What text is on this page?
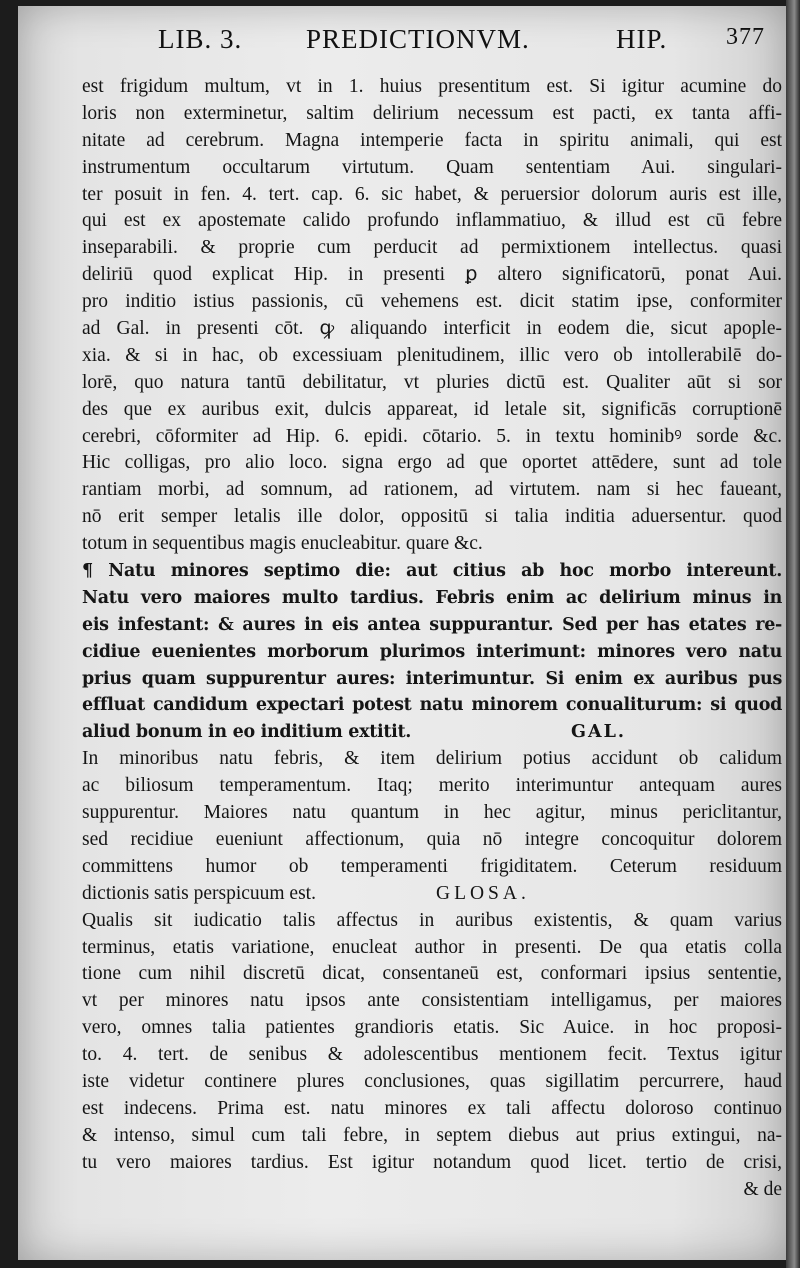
LIB. 3. PREDICTIONVM.	HIP. 377
est frigidum multum, vt in 1. huius presentitum est. Si igitur acumine do
loris non exterminetur, saltim delirium necessum est pacti, ex tanta affi-
nitate ad cerebrum. Magna intemperie facta in spiritu animali, qui est
instrumentum occultarum virtutum. Quam sententiam Aui. singulari-
ter posuit in fen. 4. tert. cap. 6. sic habet, & peruersior dolorum auris est ille,
qui est ex apostemate calido profundo inflammatiuo, & illud est cū febre
inseparabili. & proprie cum perducit ad permixtionem intellectus. quasi
deliriū quod explicat Hip. in presenti ꝑ altero significatorū, ponat Aui.
pro inditio istius passionis, cū vehemens est. dicit statim ipse, conformiter
ad Gal. in presenti cōt. ꝙ aliquando interficit in eodem die, sicut apople-
xia. & si in hac, ob excessiuam plenitudinem, illic vero ob intollerabilē do-
lorē, quo natura tantū debilitatur, vt pluries dictū est. Qualiter aūt si sor
des que ex auribus exit, dulcis appareat, id letale sit, significās corruptionē
cerebri, cōformiter ad Hip. 6. epidi. cōtario. 5. in textu hominibꝰ sorde &c.
Hic colligas, pro alio loco. signa ergo ad que oportet attēdere, sunt ad tole
rantiam morbi, ad somnum, ad rationem, ad virtutem. nam si hec faueant,
nō erit semper letalis ille dolor, oppositū si talia inditia aduersentur. quod
totum in sequentibus magis enucleabitur. quare &c.
¶ Natu minores septimo die: aut citius ab hoc morbo intereunt.
Natu vero maiores multo tardius. Febris enim ac delirium minus in
eis infestant: & aures in eis antea suppurantur. Sed per has etates re-
cidiue euenientes morborum plurimos interimunt: minores vero natu
prius quam suppurentur aures: interimuntur. Si enim ex auribus pus
effluat candidum expectari potest natu minorem conualiturum: si quod
aliud bonum in eo inditium extitit.	GAL.
In minoribus natu febris, & item delirium potius accidunt ob calidum
ac biliosum temperamentum. Itaq; merito interimuntur antequam aures
suppurentur. Maiores natu quantum in hec agitur, minus periclitantur,
sed recidiue eueniunt affectionum, quia nō integre concoquitur dolorem
committens humor ob temperamenti frigiditatem. Ceterum residuum
dictionis satis perspicuum est.	GLOSA.
Qualis sit iudicatio talis affectus in auribus existentis, & quam varius
terminus, etatis variatione, enucleat author in presenti. De qua etatis colla
tione cum nihil discretū dicat, consentaneū est, conformari ipsius sententie,
vt per minores natu ipsos ante consistentiam intelligamus, per maiores
vero, omnes talia patientes grandioris etatis. Sic Auice. in hoc proposi-
to. 4. tert. de senibus & adolescentibus mentionem fecit. Textus igitur
iste videtur continere plures conclusiones, quas sigillatim percurrere, haud
est indecens. Prima est. natu minores ex tali affectu doloroso continuo
& intenso, simul cum tali febre, in septem diebus aut prius extingui, na-
tu vero maiores tardius. Est igitur notandum quod licet. tertio de crisi,
& de
